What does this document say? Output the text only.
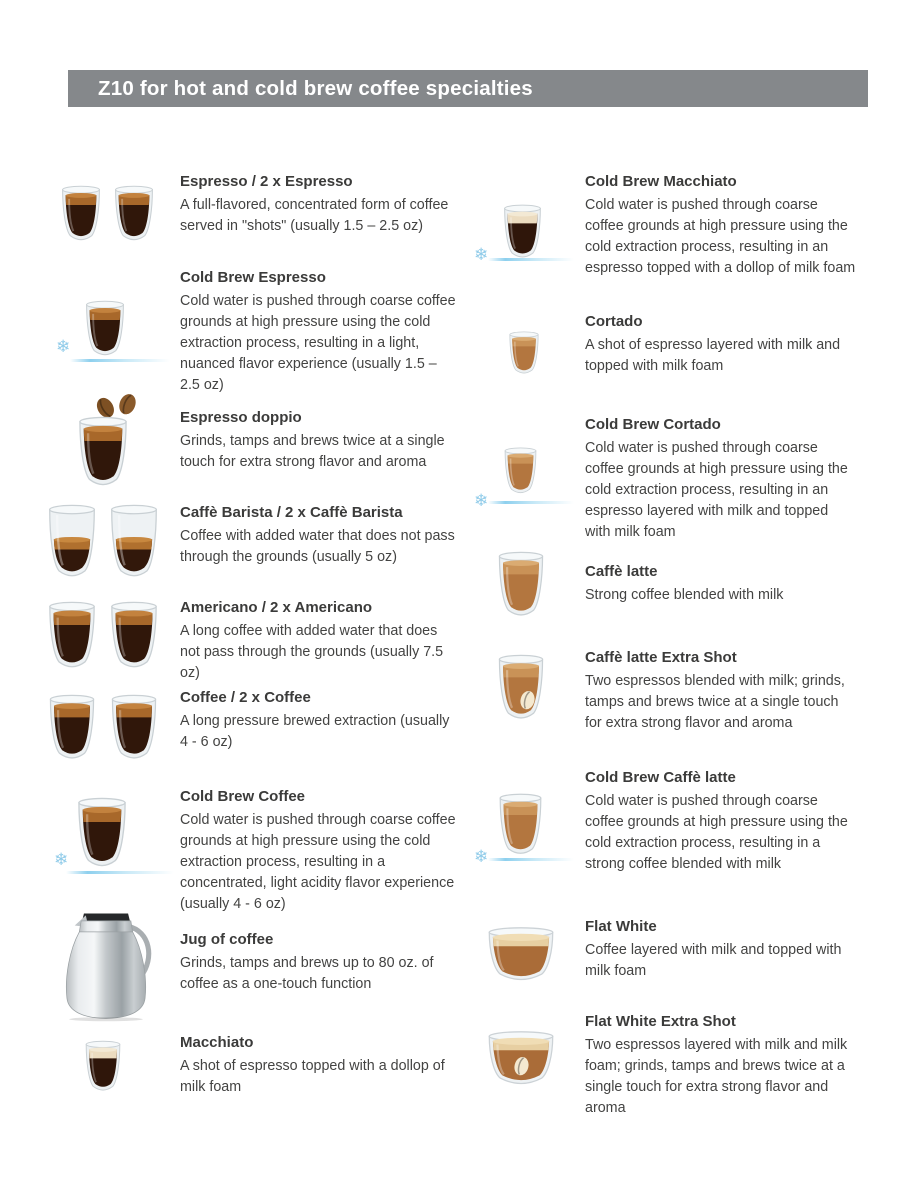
Z10 for hot and cold brew coffee specialties
Espresso / 2 x Espresso

A full-flavored, concentrated form of coffee served in "shots" (usually 1.5 – 2.5 oz)

❄
Cold Brew Espresso

Cold water is pushed through coarse coffee grounds at high pressure using the cold extraction process, resulting in a light, nuanced flavor experience (usually 1.5 – 2.5 oz)

Espresso doppio

Grinds, tamps and brews twice at a single touch for extra strong flavor and aroma

Caffè Barista / 2 x Caffè Barista

Coffee with added water that does not pass through the grounds (usually 5 oz)

Americano / 2 x Americano

A long coffee with added water that does not pass through the grounds (usually 7.5 oz)

Coffee / 2 x Coffee

A long pressure brewed extraction (usually 4 - 6 oz)

❄
Cold Brew Coffee

Cold water is pushed through coarse coffee grounds at high pressure using the cold extraction process, resulting in a concentrated, light acidity flavor experience (usually 4 - 6 oz)

Jug of coffee

Grinds, tamps and brews up to 80 oz. of coffee as a one-touch function

Macchiato

A shot of espresso topped with a dollop of milk foam

❄
Cold Brew Macchiato

Cold water is pushed through coarse coffee grounds at high pressure using the cold extraction process, resulting in an espresso topped with a dollop of milk foam

Cortado

A shot of espresso layered with milk and topped with milk foam

❄
Cold Brew Cortado

Cold water is pushed through coarse coffee grounds at high pressure using the cold extraction process, resulting in an espresso layered with milk and topped with milk foam

Caffè latte

Strong coffee blended with milk

Caffè latte Extra Shot

Two espressos blended with milk; grinds, tamps and brews twice at a single touch for extra strong flavor and aroma

❄
Cold Brew Caffè latte

Cold water is pushed through coarse coffee grounds at high pressure using the cold extraction process, resulting in a strong coffee blended with milk

Flat White

Coffee layered with milk and topped with milk foam

Flat White Extra Shot

Two espressos layered with milk and milk foam; grinds, tamps and brews twice at a single touch for extra strong flavor and aroma
